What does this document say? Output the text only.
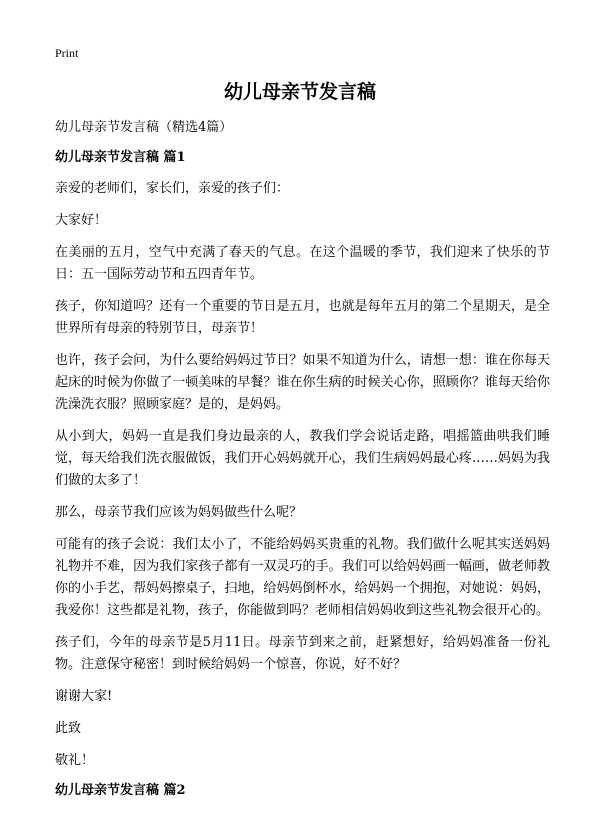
Print
幼儿母亲节发言稿
幼儿母亲节发言稿（精选4篇）
幼儿母亲节发言稿 篇1

亲爱的老师们，家长们，亲爱的孩子们：

大家好！

在美丽的五月，空气中充满了春天的气息。在这个温暖的季节，我们迎来了快乐的节日：五一国际劳动节和五四青年节。

孩子，你知道吗？还有一个重要的节日是五月，也就是每年五月的第二个星期天，是全世界所有母亲的特别节日，母亲节！

也许，孩子会问，为什么要给妈妈过节日？如果不知道为什么，请想一想：谁在你每天起床的时候为你做了一顿美味的早餐？谁在你生病的时候关心你，照顾你？谁每天给你洗澡洗衣服？照顾家庭？是的，是妈妈。

从小到大，妈妈一直是我们身边最亲的人，教我们学会说话走路，唱摇篮曲哄我们睡觉，每天给我们洗衣服做饭，我们开心妈妈就开心，我们生病妈妈最心疼……妈妈为我们做的太多了！

那么，母亲节我们应该为妈妈做些什么呢？

可能有的孩子会说：我们太小了，不能给妈妈买贵重的礼物。我们做什么呢其实送妈妈礼物并不难，因为我们家孩子都有一双灵巧的手。我们可以给妈妈画一幅画，做老师教你的小手艺，帮妈妈擦桌子，扫地，给妈妈倒杯水，给妈妈一个拥抱，对她说：妈妈，我爱你！这些都是礼物，孩子，你能做到吗？老师相信妈妈收到这些礼物会很开心的。

孩子们，今年的母亲节是5月11日。母亲节到来之前，赶紧想好，给妈妈准备一份礼物。注意保守秘密！到时候给妈妈一个惊喜，你说，好不好？

谢谢大家!

此致

敬礼！

幼儿母亲节发言稿 篇2
